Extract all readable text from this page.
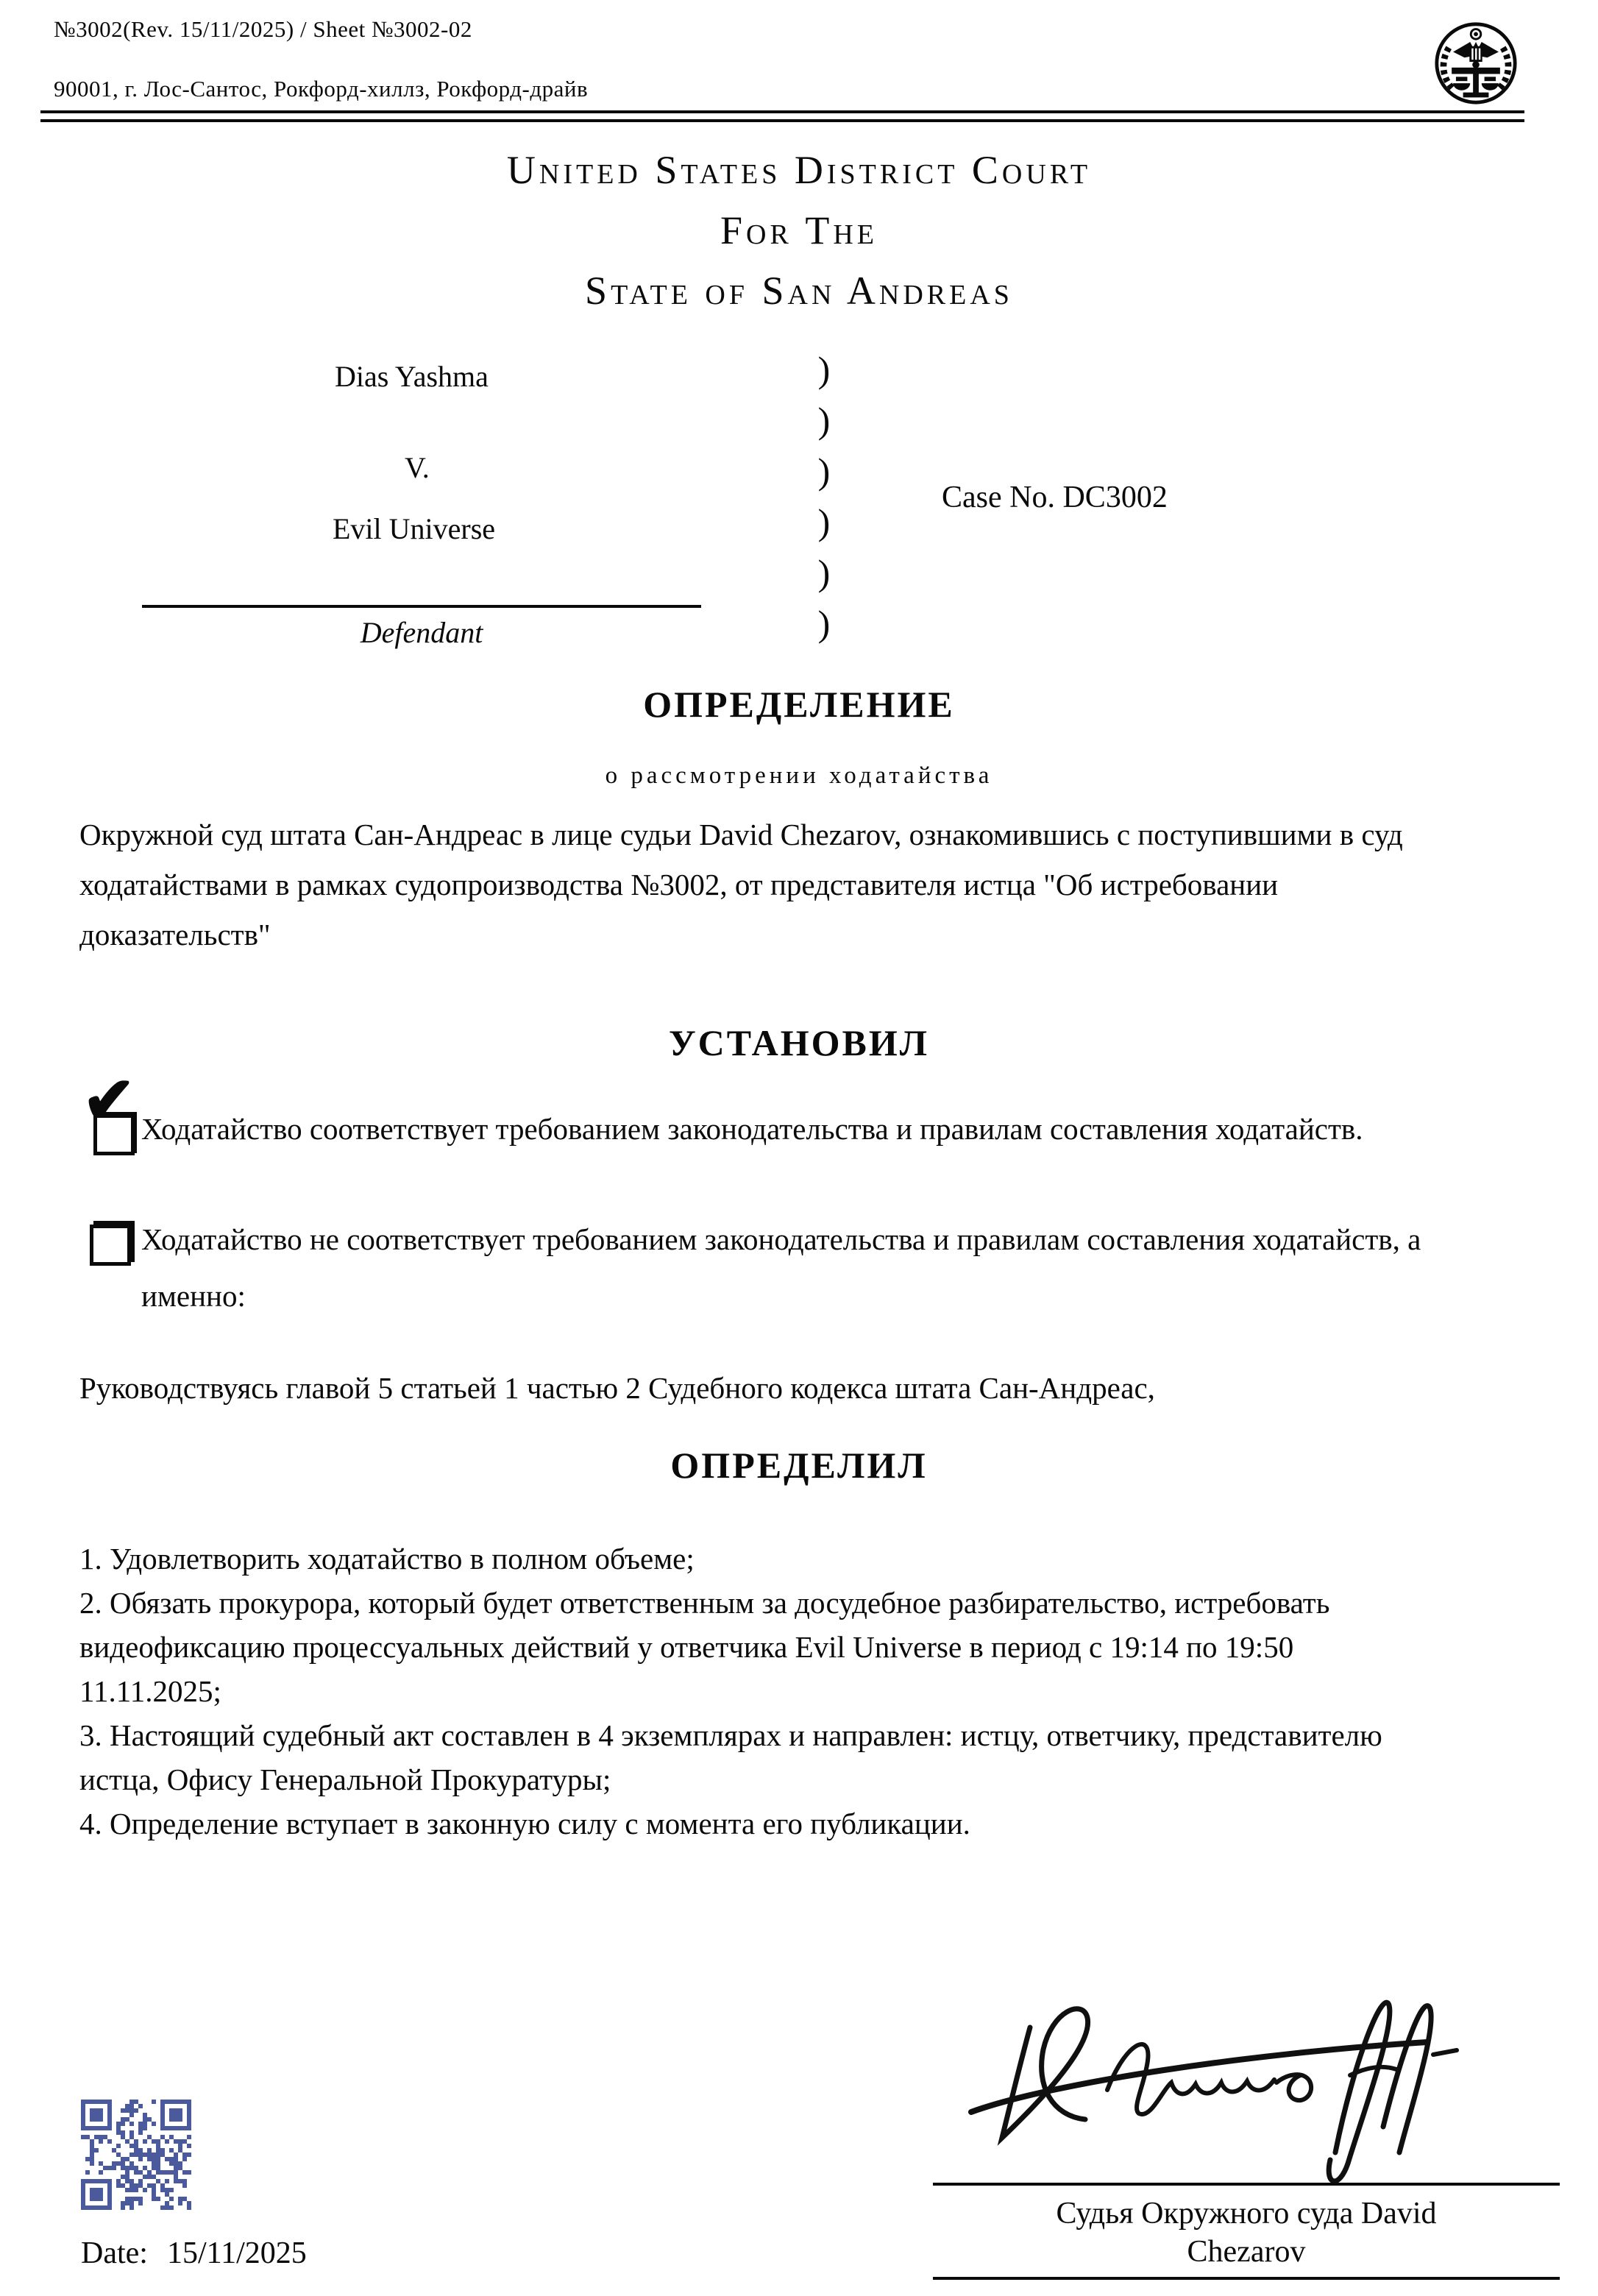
№3002(Rev. 15/11/2025) / Sheet №3002-02
90001, г. Лос-Сантос, Рокфорд-хиллз, Рокфорд-драйв
United States District Court
For The
State of San Andreas
Dias Yashma
V.
Evil Universe
Defendant
)
)
)
)
)
)
Case No. DC3002
ОПРЕДЕЛЕНИЕ
о рассмотрении ходатайства
Окружной суд штата Сан-Андреас в лице судьи David Chezarov, ознакомившись с поступившими в суд ходатайствами в рамках судопроизводства №3002, от представителя истца "Об истребовании доказательств"
УСТАНОВИЛ
✔ Ходатайство соответствует требованием законодательства и правилам составления ходатайств.
Ходатайство не соответствует требованием законодательства и правилам составления ходатайств, а именно:
Руководствуясь главой 5 статьей 1 частью 2 Судебного кодекса штата Сан-Андреас,
ОПРЕДЕЛИЛ
1. Удовлетворить ходатайство в полном объеме;
2. Обязать прокурора, который будет ответственным за досудебное разбирательство, истребовать видеофиксацию процессуальных действий у ответчика Evil Universe в период с 19:14 по 19:50 11.11.2025;
3. Настоящий судебный акт составлен в 4 экземплярах и направлен: истцу, ответчику, представителю истца, Офису Генеральной Прокуратуры;
4. Определение вступает в законную силу с момента его публикации.
Судья Окружного суда David
Chezarov
Date: 15/11/2025
